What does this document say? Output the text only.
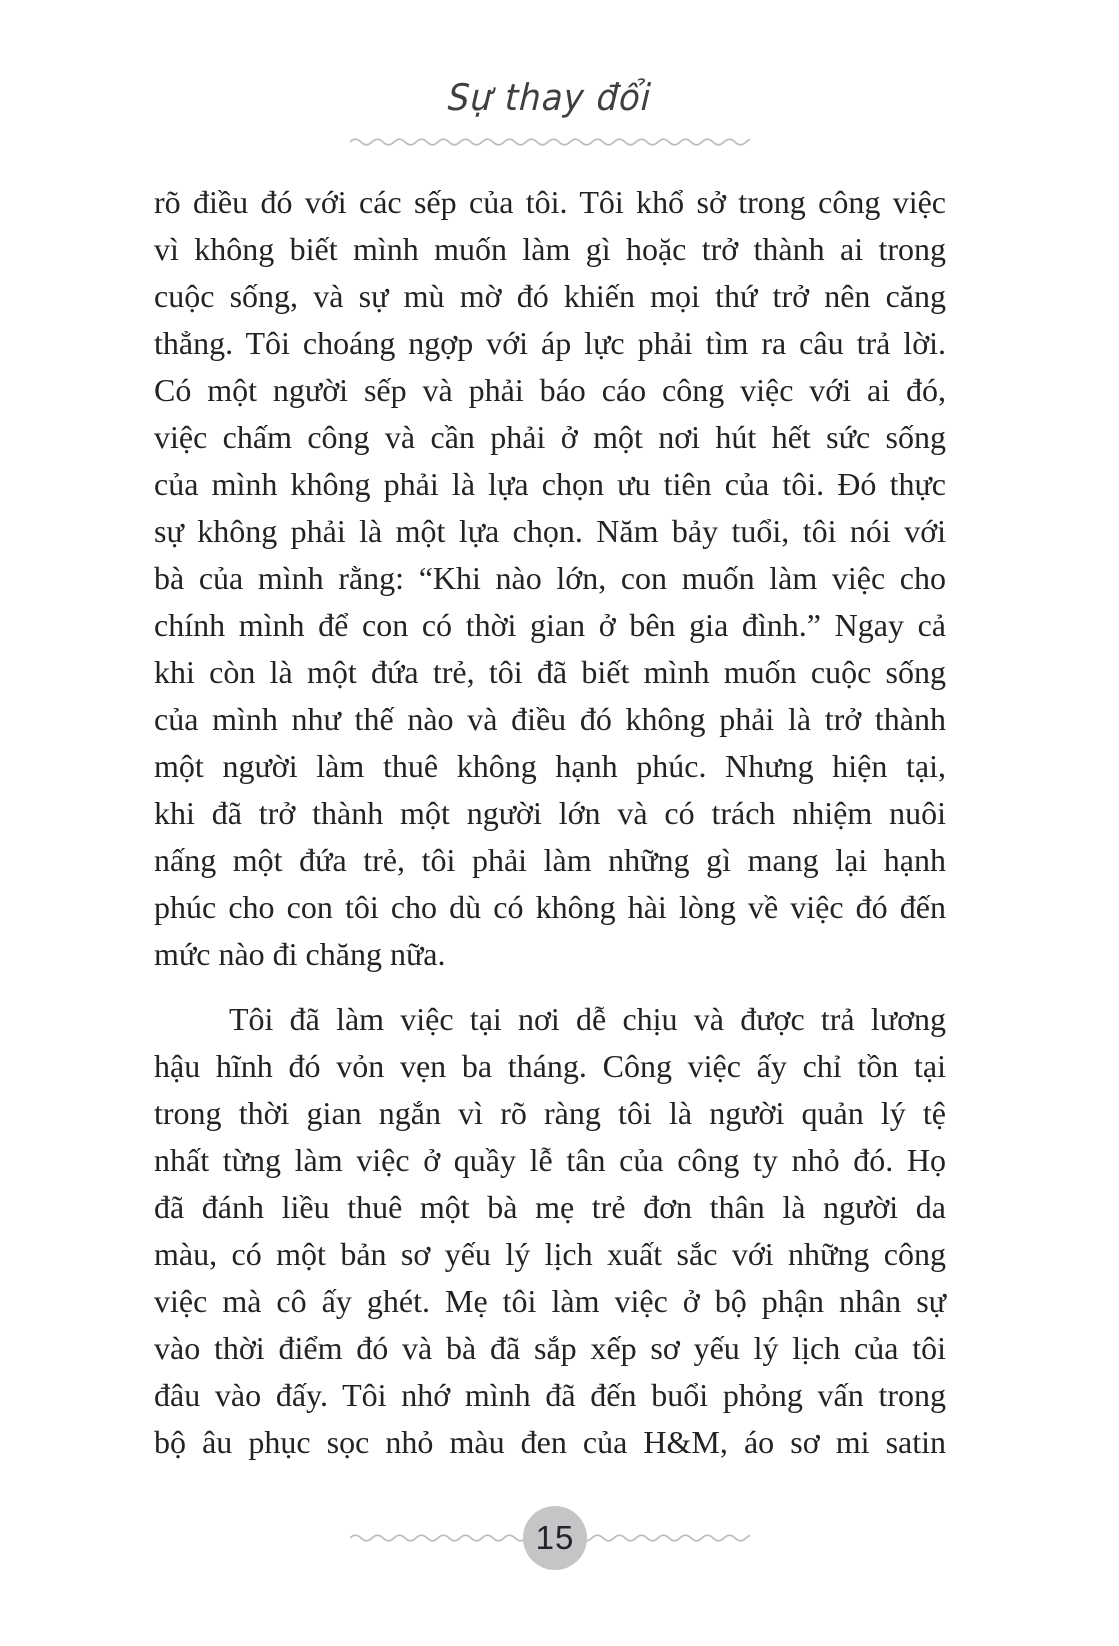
Sự thay đổi
rõ điều đó với các sếp của tôi. Tôi khổ sở trong công việc
vì không biết mình muốn làm gì hoặc trở thành ai trong
cuộc sống, và sự mù mờ đó khiến mọi thứ trở nên căng
thẳng. Tôi choáng ngợp với áp lực phải tìm ra câu trả lời.
Có một người sếp và phải báo cáo công việc với ai đó,
việc chấm công và cần phải ở một nơi hút hết sức sống
của mình không phải là lựa chọn ưu tiên của tôi. Đó thực
sự không phải là một lựa chọn. Năm bảy tuổi, tôi nói với
bà của mình rằng: “Khi nào lớn, con muốn làm việc cho
chính mình để con có thời gian ở bên gia đình.” Ngay cả
khi còn là một đứa trẻ, tôi đã biết mình muốn cuộc sống
của mình như thế nào và điều đó không phải là trở thành
một người làm thuê không hạnh phúc. Nhưng hiện tại,
khi đã trở thành một người lớn và có trách nhiệm nuôi
nấng một đứa trẻ, tôi phải làm những gì mang lại hạnh
phúc cho con tôi cho dù có không hài lòng về việc đó đến
mức nào đi chăng nữa.
Tôi đã làm việc tại nơi dễ chịu và được trả lương
hậu hĩnh đó vỏn vẹn ba tháng. Công việc ấy chỉ tồn tại
trong thời gian ngắn vì rõ ràng tôi là người quản lý tệ
nhất từng làm việc ở quầy lễ tân của công ty nhỏ đó. Họ
đã đánh liều thuê một bà mẹ trẻ đơn thân là người da
màu, có một bản sơ yếu lý lịch xuất sắc với những công
việc mà cô ấy ghét. Mẹ tôi làm việc ở bộ phận nhân sự
vào thời điểm đó và bà đã sắp xếp sơ yếu lý lịch của tôi
đâu vào đấy. Tôi nhớ mình đã đến buổi phỏng vấn trong
bộ âu phục sọc nhỏ màu đen của H&M, áo sơ mi satin
15
